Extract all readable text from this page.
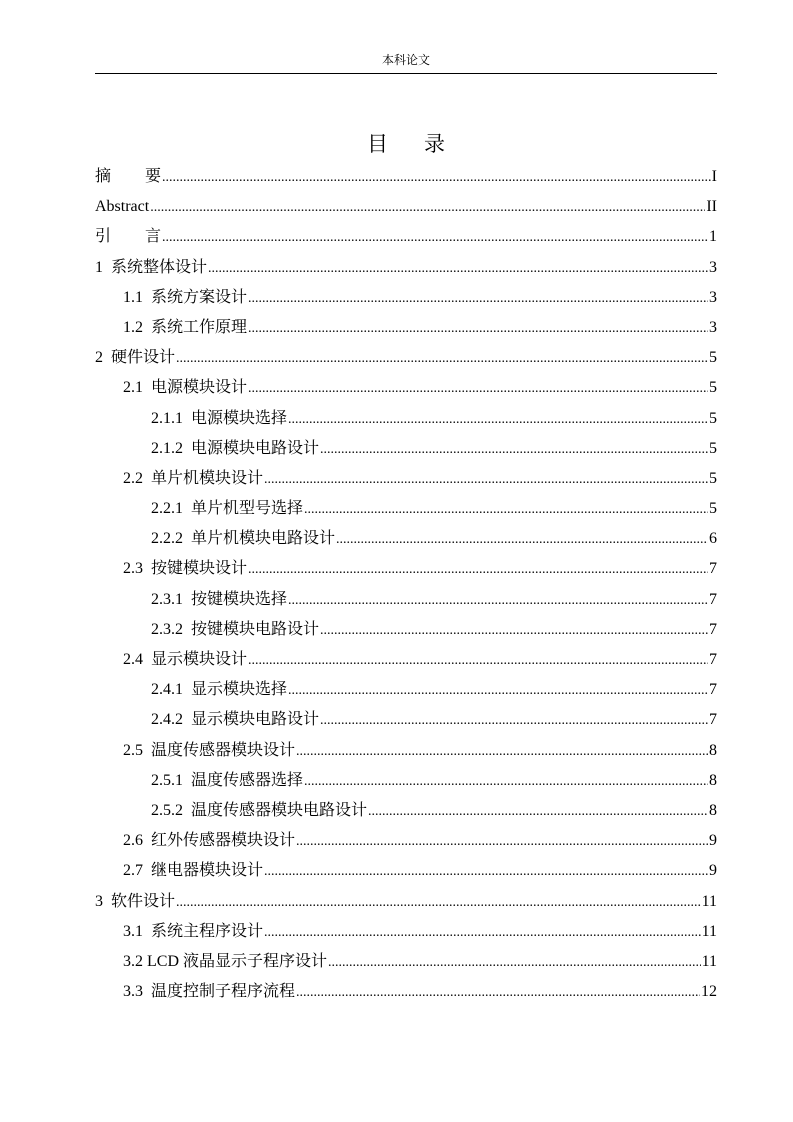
本科论文
目录
摘要 .....	I
Abstract .....	II
引言 .....	1
1 系统整体设计 .....	3
1.1 系统方案设计 .....	3
1.2 系统工作原理 .....	3
2 硬件设计 .....	5
2.1 电源模块设计 .....	5
2.1.1 电源模块选择 .....	5
2.1.2 电源模块电路设计 .....	5
2.2 单片机模块设计 .....	5
2.2.1 单片机型号选择 .....	5
2.2.2 单片机模块电路设计 .....	6
2.3 按键模块设计 .....	7
2.3.1 按键模块选择 .....	7
2.3.2 按键模块电路设计 .....	7
2.4 显示模块设计 .....	7
2.4.1 显示模块选择 .....	7
2.4.2 显示模块电路设计 .....	7
2.5 温度传感器模块设计 .....	8
2.5.1 温度传感器选择 .....	8
2.5.2 温度传感器模块电路设计 .....	8
2.6 红外传感器模块设计 .....	9
2.7 继电器模块设计 .....	9
3 软件设计 .....	11
3.1 系统主程序设计 .....	11
3.2 LCD 液晶显示子程序设计 .....	11
3.3 温度控制子程序流程 .....	12
